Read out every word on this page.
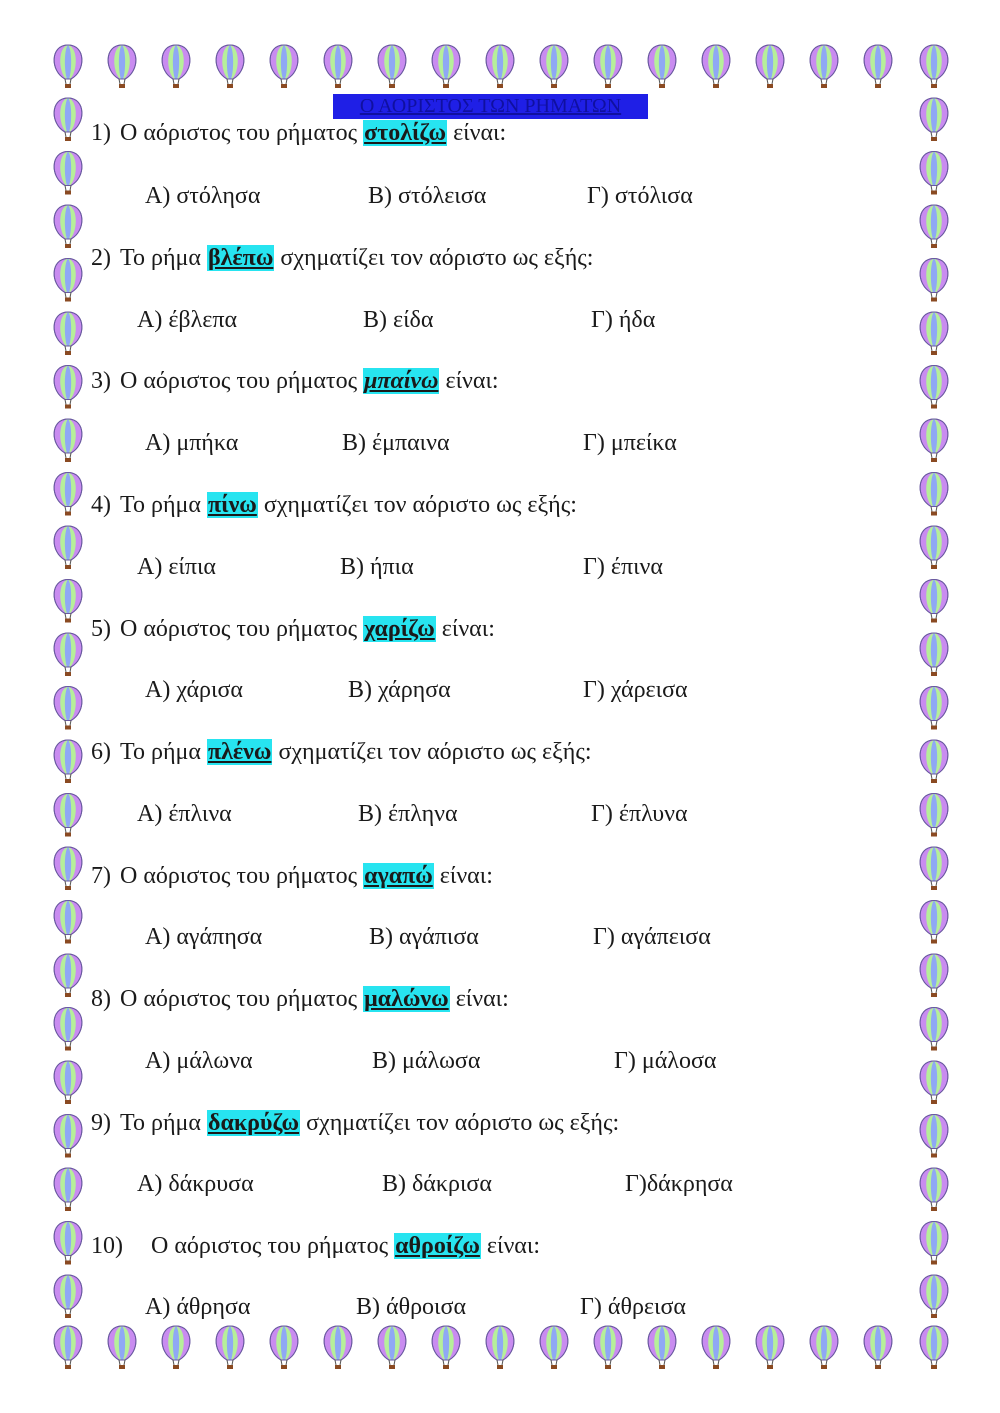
Ο ΑΟΡΙΣΤΟΣ ΤΩΝ ΡΗΜΑΤΩΝ
1) Ο αόριστος του ρήματος στολίζω είναι:
Α) στόλησα	Β) στόλεισα	Γ) στόλισα
2) Το ρήμα βλέπω σχηματίζει τον αόριστο ως εξής:
Α) έβλεπα	Β) είδα	Γ) ήδα
3) Ο αόριστος του ρήματος μπαίνω είναι:
Α) μπήκα	Β) έμπαινα	Γ) μπείκα
4) Το ρήμα πίνω σχηματίζει τον αόριστο ως εξής:
Α) είπια	Β) ήπια	Γ) έπινα
5) Ο αόριστος του ρήματος χαρίζω είναι:
Α) χάρισα	Β) χάρησα	Γ) χάρεισα
6) Το ρήμα πλένω σχηματίζει τον αόριστο ως εξής:
Α) έπλινα	Β) έπληνα	Γ) έπλυνα
7) Ο αόριστος του ρήματος αγαπώ είναι:
Α) αγάπησα	Β) αγάπισα	Γ) αγάπεισα
8) Ο αόριστος του ρήματος μαλώνω είναι:
Α) μάλωνα	Β) μάλωσα	Γ) μάλοσα
9) Το ρήμα δακρύζω σχηματίζει τον αόριστο ως εξής:
Α) δάκρυσα	Β) δάκρισα	Γ)δάκρησα
10) Ο αόριστος του ρήματος αθροίζω είναι:
Α) άθρησα	Β) άθροισα	Γ) άθρεισα
